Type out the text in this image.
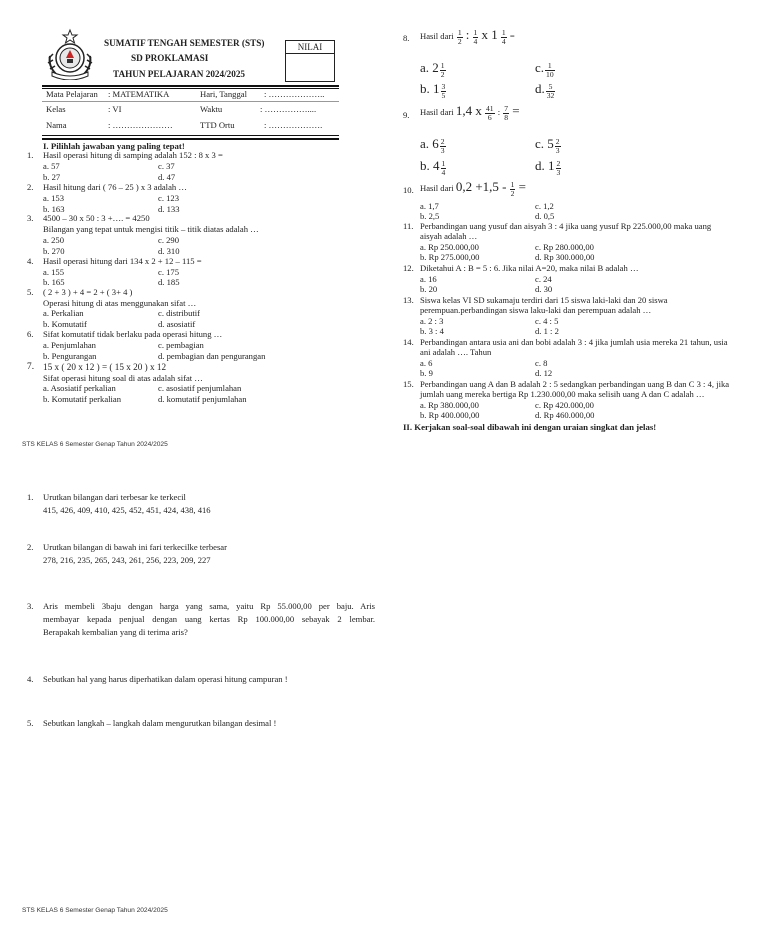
SUMATIF TENGAH SEMESTER (STS)
SD PROKLAMASI
TAHUN PELAJARAN 2024/2025
NILAI
Mata Pelajaran : MATEMATIKA	Hari, Tanggal : ………………..
Kelas	: VI	Waktu	: ……………....
Nama	: …………………	TTD Ortu	: ……………….
I. Pilihlah jawaban yang paling tepat!
1. Hasil operasi hitung di samping adalah 152 : 8 x 3 =
a. 57	c. 37
b. 27	d. 47
2. Hasil hitung dari ( 76 – 25 ) x 3 adalah …
a. 153	c. 123
b. 163	d. 133
3. 4500 – 30 x 50 : 3 +…. = 4250
Bilangan yang tepat untuk mengisi titik – titik diatas adalah …
a. 250	c. 290
b. 270	d. 310
4. Hasil operasi hitung dari 134 x 2 + 12 – 115 =
a. 155	c. 175
b. 165	d. 185
5. ( 2 + 3 ) + 4 = 2 + ( 3+ 4 )
Operasi hitung di atas menggunakan sifat …
a. Perkalian	c. distributif
b. Komutatif	d. asosiatif
6. Sifat komutatif tidak berlaku pada operasi hitung …
a. Penjumlahan	c. pembagian
b. Pengurangan	d. pembagian dan pengurangan
7. 15 x ( 20 x 12 ) = ( 15 x 20 ) x 12
Sifat operasi hitung soal di atas adalah sifat …
a. Asosiatif perkalian	c. asosiatif penjumlahan
b. Komutatif perkalian	d. komutatif penjumlahan
8. Hasil dari $\frac{1}{2}$ : $\frac{1}{4}$ x $1 \frac{1}{4}$ =
a. $2 \frac{1}{2}$	c. $\frac{1}{10}$
b. $1 \frac{3}{5}$	d. $\frac{5}{32}$
9. Hasil dari 1,4 x $\frac{41}{6}$ : $\frac{7}{8}$ =
a. $6 \frac{2}{3}$	c. $5 \frac{2}{3}$
b. $4 \frac{1}{4}$	d. $1 \frac{2}{3}$
10. Hasil dari $0,2 +1,5 - \frac{1}{2}$ =
a. 1,7	c. 1,2
b. 2,5	d. 0,5
11. Perbandingan uang yusuf dan aisyah 3 : 4 jika uang yusuf Rp 225.000,00 maka uang
aisyah adalah …
a. Rp 250.000,00	c. Rp 280.000,00
b. Rp 275.000,00	d. Rp 300.000,00
12. Diketahui A : B = 5 : 6. Jika nilai A=20, maka nilai B adalah …
a. 16	c. 24
b. 20	d. 30
13. Siswa kelas VI SD sukamaju terdiri dari 15 siswa laki-laki dan 20 siswa
perempuan.perbandingan siswa laku-laki dan perempuan adalah …
a. 2 : 3	c. 4 : 5
b. 3 : 4	d. 1 : 2
14. Perbandingan antara usia ani dan bobi adalah 3 : 4 jika jumlah usia mereka 21 tahun, usia
ani adalah …. Tahun
a. 6	c. 8
b. 9	d. 12
15. Perbandingan uang A dan B adalah 2 : 5 sedangkan perbandingan uang B dan C 3 : 4, jika
jumlah uang mereka bertiga Rp 1.230.000,00 maka selisih uang A dan C adalah …
a. Rp 380.000,00	c. Rp 420.000,00
b. Rp 400.000,00	d. Rp 460.000,00
II. Kerjakan soal-soal dibawah ini dengan uraian singkat dan jelas!
STS KELAS 6 Semester Genap Tahun 2024/2025
1. Urutkan bilangan dari terbesar ke terkecil
415, 426, 409, 410, 425, 452, 451, 424, 438, 416
2. Urutkan bilangan di bawah ini fari terkecilke terbesar
278, 216, 235, 265, 243, 261, 256, 223, 209, 227
3. Aris membeli 3baju dengan harga yang sama, yaitu Rp 55.000,00 per baju. Aris
membayar kepada penjual dengan uang kertas Rp 100.000,00 sebayak 2 lembar.
Berapakah kembalian yang di terima aris?
4. Sebutkan hal yang harus diperhatikan dalam operasi hitung campuran !
5. Sebutkan langkah – langkah dalam mengurutkan bilangan desimal !
STS KELAS 6 Semester Genap Tahun 2024/2025
